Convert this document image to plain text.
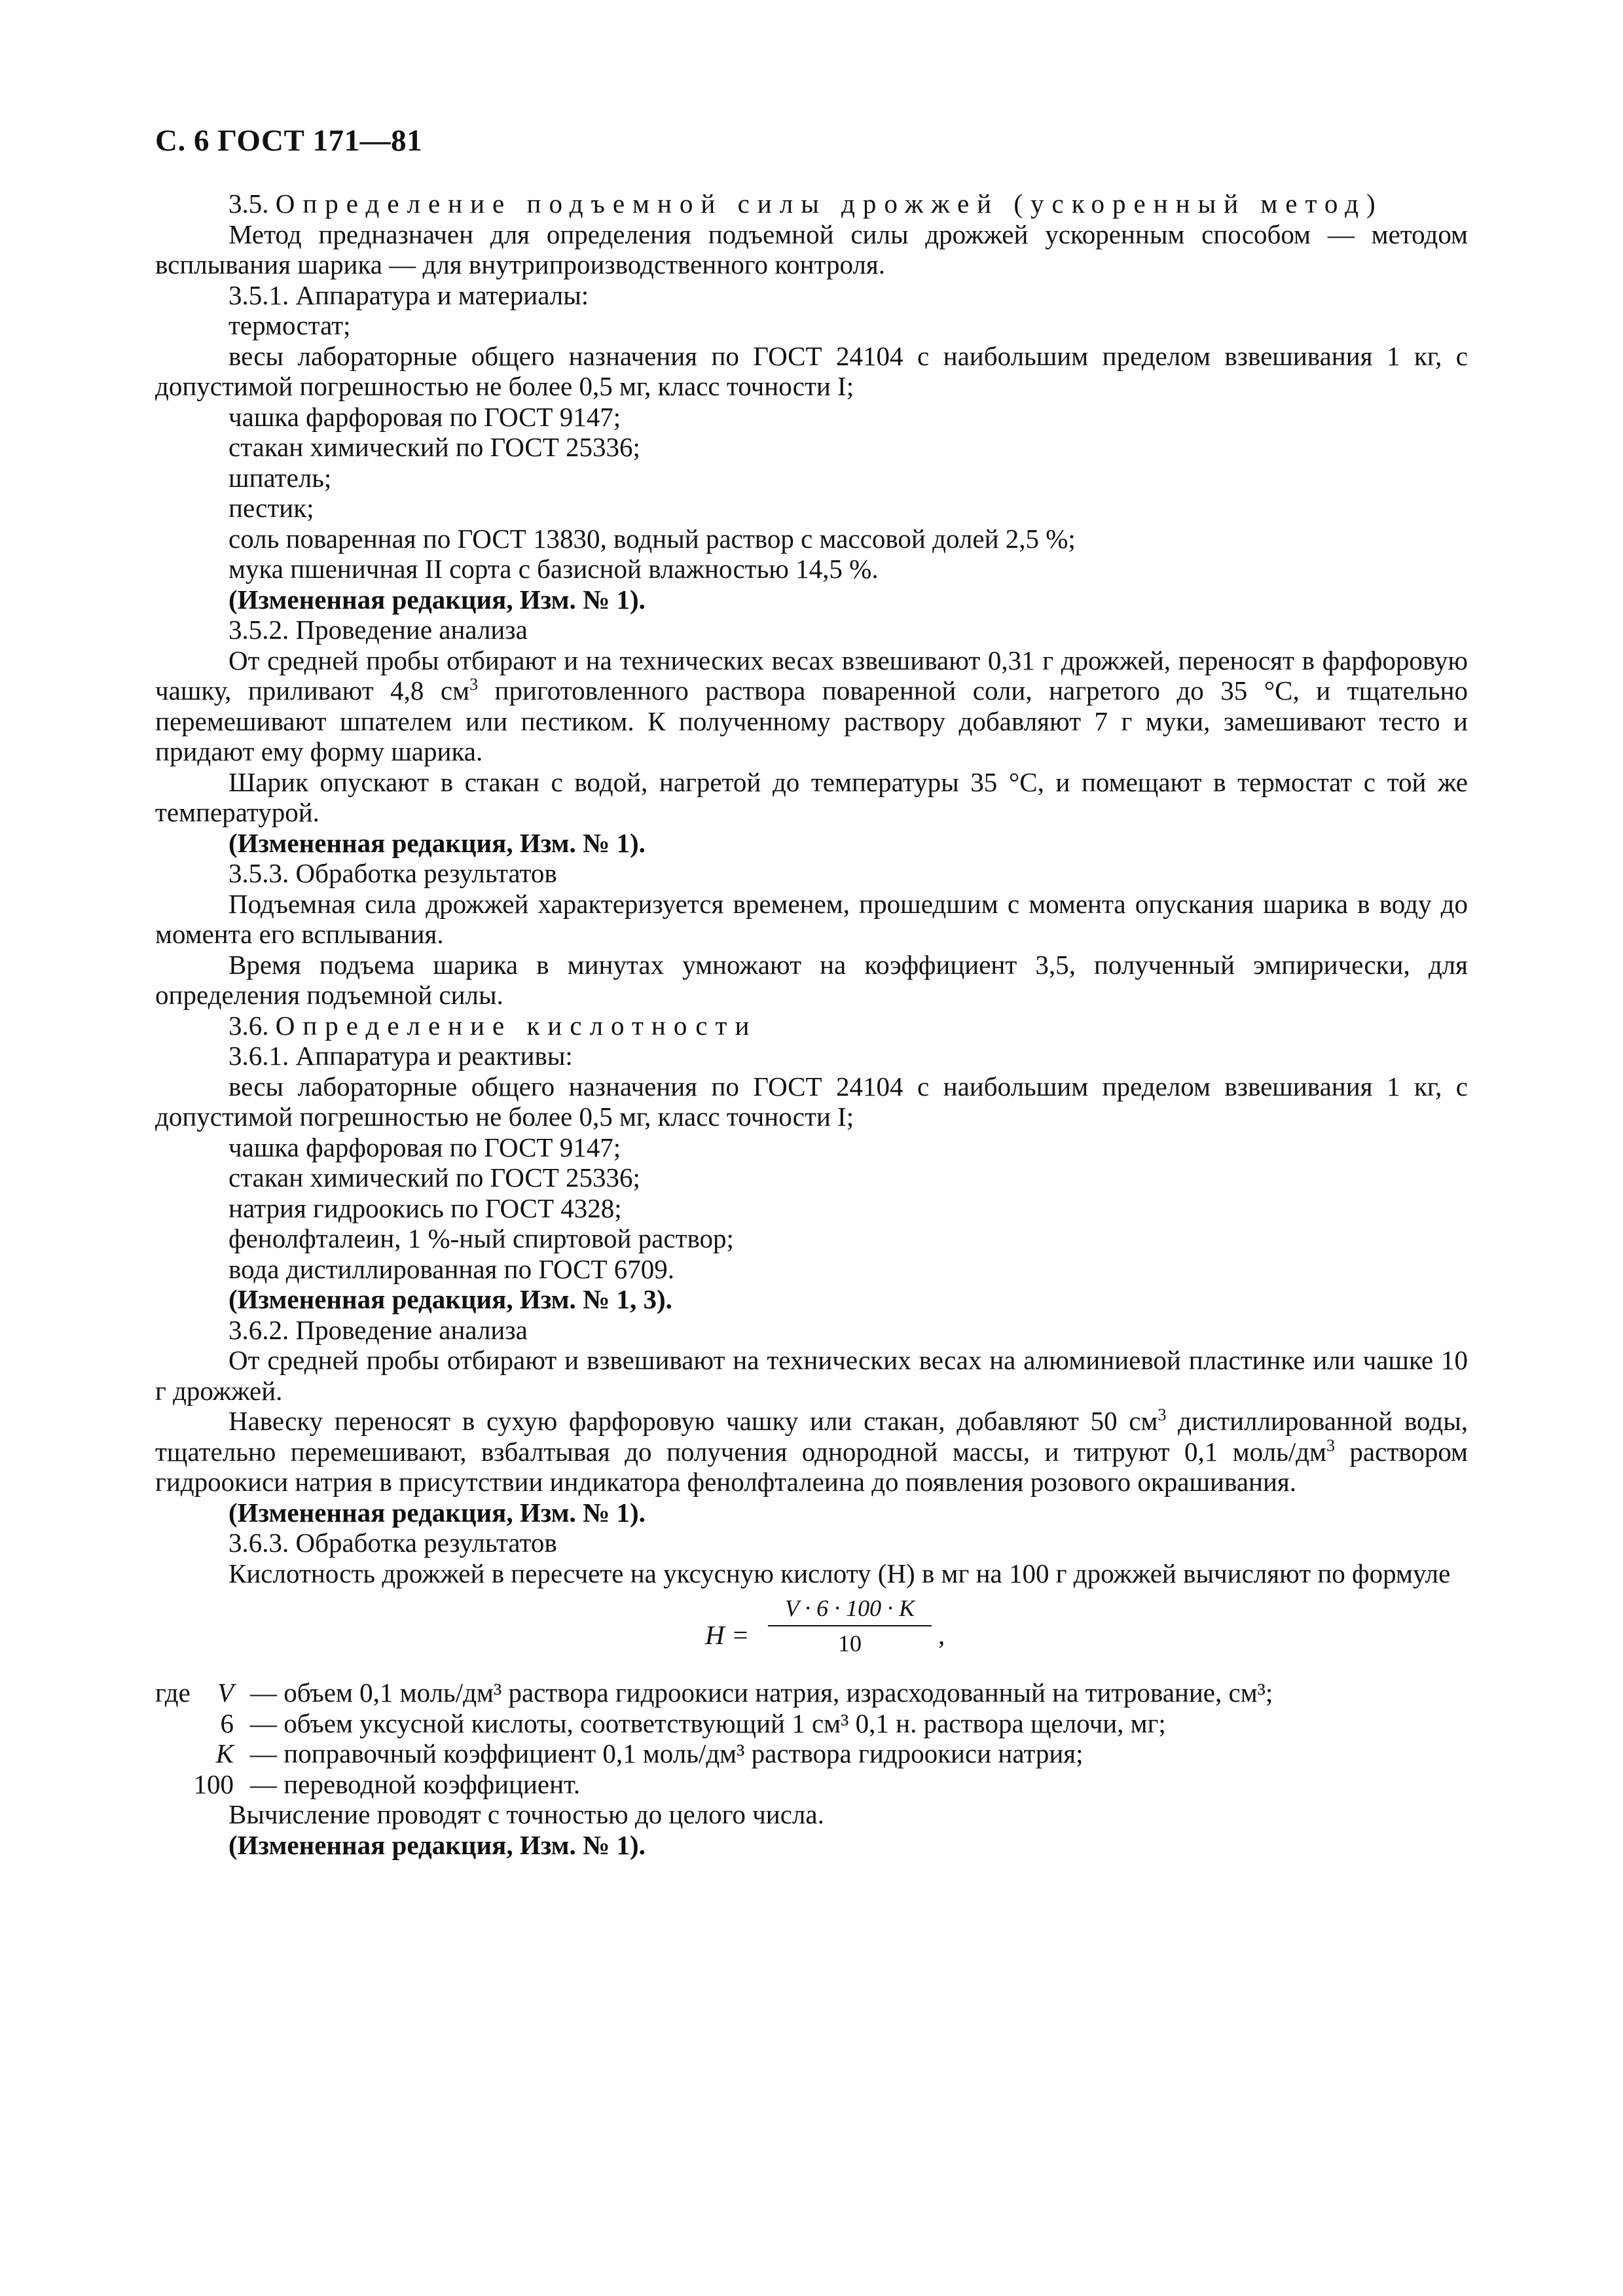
С. 6 ГОСТ 171—81

3.5. Определение подъемной силы дрожжей (ускоренный метод)

Метод предназначен для определения подъемной силы дрожжей ускоренным способом — методом всплывания шарика — для внутрипроизводственного контроля.

3.5.1. Аппаратура и материалы:

термостат;

весы лабораторные общего назначения по ГОСТ 24104 с наибольшим пределом взвешивания 1 кг, с допустимой погрешностью не более 0,5 мг, класс точности I;

чашка фарфоровая по ГОСТ 9147;

стакан химический по ГОСТ 25336;

шпатель;

пестик;

соль поваренная по ГОСТ 13830, водный раствор с массовой долей 2,5 %;

мука пшеничная II сорта с базисной влажностью 14,5 %.

(Измененная редакция, Изм. № 1).

3.5.2. Проведение анализа

От средней пробы отбирают и на технических весах взвешивают 0,31 г дрожжей, переносят в фарфоровую чашку, приливают 4,8 $см^3$ приготовленного раствора поваренной соли, нагретого до 35 °С, и тщательно перемешивают шпателем или пестиком. К полученному раствору добавляют 7 г муки, замешивают тесто и придают ему форму шарика.

Шарик опускают в стакан с водой, нагретой до температуры 35 °С, и помещают в термостат с той же температурой.

(Измененная редакция, Изм. № 1).

3.5.3. Обработка результатов

Подъемная сила дрожжей характеризуется временем, прошедшим с момента опускания шарика в воду до момента его всплывания.

Время подъема шарика в минутах умножают на коэффициент 3,5, полученный эмпирически, для определения подъемной силы.

3.6. Определение кислотности

3.6.1. Аппаратура и реактивы:

весы лабораторные общего назначения по ГОСТ 24104 с наибольшим пределом взвешивания 1 кг, с допустимой погрешностью не более 0,5 мг, класс точности I;

чашка фарфоровая по ГОСТ 9147;

стакан химический по ГОСТ 25336;

натрия гидроокись по ГОСТ 4328;

фенолфталеин, 1 %-ный спиртовой раствор;

вода дистиллированная по ГОСТ 6709.

(Измененная редакция, Изм. № 1, 3).

3.6.2. Проведение анализа

От средней пробы отбирают и взвешивают на технических весах на алюминиевой пластинке или чашке 10 г дрожжей.

Навеску переносят в сухую фарфоровую чашку или стакан, добавляют 50 $см^3$ дистиллированной воды, тщательно перемешивают, взбалтывая до получения однородной массы, и титруют 0,1 моль/$дм^3$ раствором гидроокиси натрия в присутствии индикатора фенолфталеина до появления розового окрашивания.

(Измененная редакция, Изм. № 1).

3.6.3. Обработка результатов

Кислотность дрожжей в пересчете на уксусную кислоту (Н) в мг на 100 г дрожжей вычисляют по формуле

Н =
V · 6 · 100 · K
10	,
где	V — объем 0,1 моль/дм³ раствора гидроокиси натрия, израсходованный на титрование, см³;
6 — объем уксусной кислоты, соответствующий 1 см³ 0,1 н. раствора щелочи, мг;
K — поправочный коэффициент 0,1 моль/дм³ раствора гидроокиси натрия;
100 — переводной коэффициент.

Вычисление проводят с точностью до целого числа.

(Измененная редакция, Изм. № 1).
